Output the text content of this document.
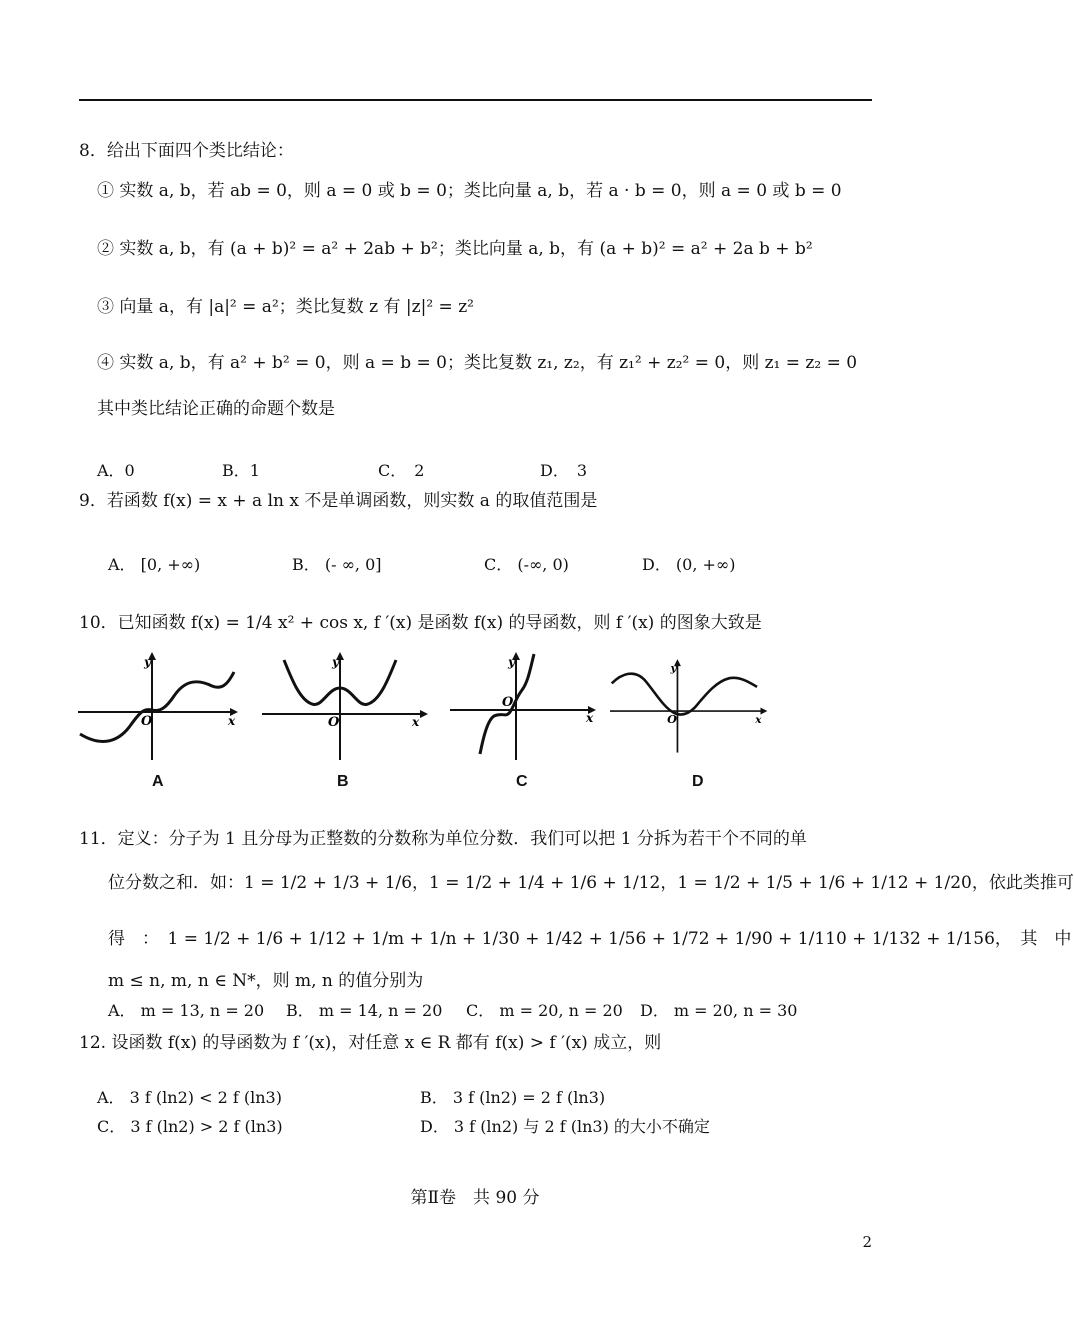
8．给出下面四个类比结论：
① 实数 a, b，若 ab = 0，则 a = 0 或 b = 0；类比向量 a, b，若 a · b = 0，则 a = 0 或 b = 0
② 实数 a, b，有 (a + b)² = a² + 2ab + b²；类比向量 a, b，有 (a + b)² = a² + 2a b + b²
③ 向量 a，有 |a|² = a²；类比复数 z 有 |z|² = z²
④ 实数 a, b，有 a² + b² = 0，则 a = b = 0；类比复数 z₁, z₂，有 z₁² + z₂² = 0，则 z₁ = z₂ = 0
其中类比结论正确的命题个数是
A．0	B．1	C．　2	D．　3
9．若函数 f(x) = x + a ln x 不是单调函数，则实数 a 的取值范围是
A． [0, +∞)	B． (- ∞, 0]	C． (-∞, 0)	D． (0, +∞)
10．已知函数 f(x) = 1/4 x² + cos x, f ′(x) 是函数 f(x) 的导函数，则 f ′(x) 的图象大致是
y
x
O
A
y
x
O
B
y
x
O
C
y
x
O
D
11．定义：分子为 1 且分母为正整数的分数称为单位分数．我们可以把 1 分拆为若干个不同的单
位分数之和．如：1 = 1/2 + 1/3 + 1/6，1 = 1/2 + 1/4 + 1/6 + 1/12，1 = 1/2 + 1/5 + 1/6 + 1/12 + 1/20，依此类推可
得　：　1 = 1/2 + 1/6 + 1/12 + 1/m + 1/n + 1/30 + 1/42 + 1/56 + 1/72 + 1/90 + 1/110 + 1/132 + 1/156，　其　中
m ≤ n, m, n ∈ N*，则 m, n 的值分别为
A． m = 13, n = 20 B． m = 14, n = 20 C． m = 20, n = 20 D． m = 20, n = 30
12. 设函数 f(x) 的导函数为 f ′(x)，对任意 x ∈ R 都有 f(x) > f ′(x) 成立，则
A． 3 f (ln2) < 2 f (ln3)	B． 3 f (ln2) = 2 f (ln3)
C． 3 f (ln2) > 2 f (ln3)	D． 3 f (ln2) 与 2 f (ln3) 的大小不确定
第Ⅱ卷　共 90 分
2
